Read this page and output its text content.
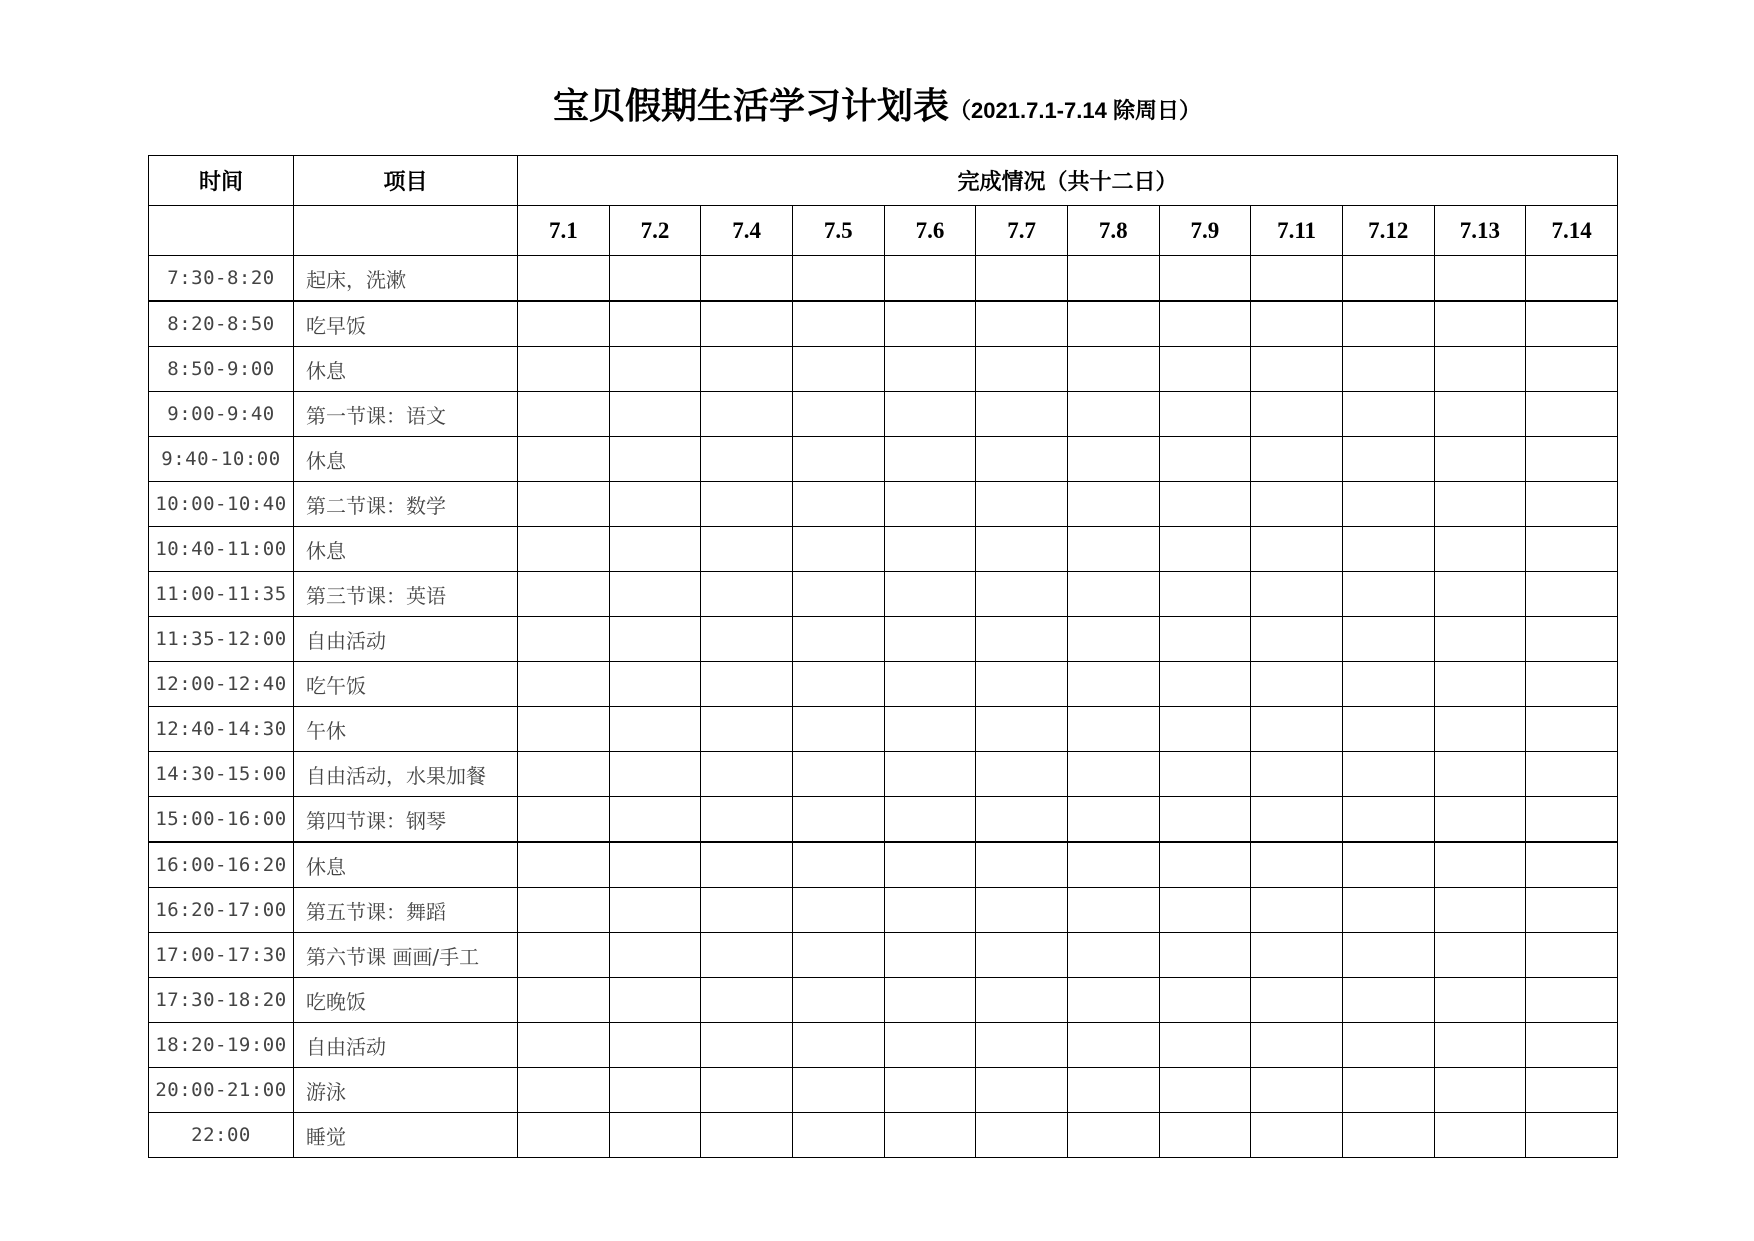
宝贝假期生活学习计划表（2021.7.1-7.14 除周日）
时间	项目	完成情况（共十二日）											
		7.1	7.2	7.4	7.5	7.6	7.7	7.8	7.9	7.11	7.12	7.13	7.14
7:30-8:20	起床，洗漱												
8:20-8:50	吃早饭												
8:50-9:00	休息												
9:00-9:40	第一节课：语文												
9:40-10:00	休息												
10:00-10:40	第二节课：数学												
10:40-11:00	休息												
11:00-11:35	第三节课：英语												
11:35-12:00	自由活动												
12:00-12:40	吃午饭												
12:40-14:30	午休												
14:30-15:00	自由活动，水果加餐												
15:00-16:00	第四节课：钢琴												
16:00-16:20	休息												
16:20-17:00	第五节课：舞蹈												
17:00-17:30	第六节课 画画/手工												
17:30-18:20	吃晚饭												
18:20-19:00	自由活动												
20:00-21:00	游泳												
22:00	睡觉												
